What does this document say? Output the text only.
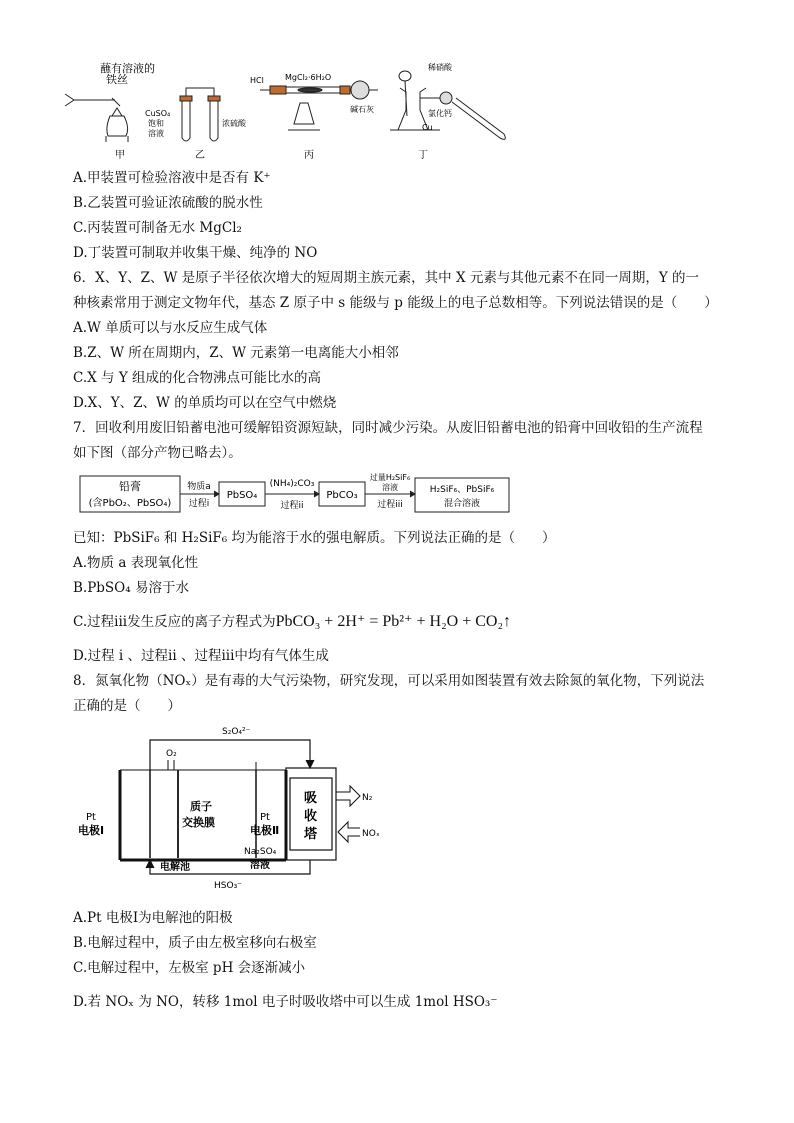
蘸有溶液的
铁丝
甲
CuSO₄
饱和
溶液
浓硫酸
乙
HCl	MgCl₂·6H₂O
碱石灰
丙
稀硝酸
氯化钙
Cu
丁
A.甲装置可检验溶液中是否有 K⁺
B.乙装置可验证浓硫酸的脱水性
C.丙装置可制备无水 MgCl₂
D.丁装置可制取并收集干燥、纯净的 NO
6．X、Y、Z、W 是原子半径依次增大的短周期主族元素，其中 X 元素与其他元素不在同一周期，Y 的一
种核素常用于测定文物年代，基态 Z 原子中 s 能级与 p 能级上的电子总数相等。下列说法错误的是（　　）
A.W 单质可以与水反应生成气体
B.Z、W 所在周期内，Z、W 元素第一电离能大小相邻
C.X 与 Y 组成的化合物沸点可能比水的高
D.X、Y、Z、W 的单质均可以在空气中燃烧
7．回收利用废旧铅蓄电池可缓解铅资源短缺，同时减少污染。从废旧铅蓄电池的铅膏中回收铅的生产流程
如下图（部分产物已略去）。
铅膏
(含PbO₂、PbSO₄)
物质a
过程i
PbSO₄
(NH₄)₂CO₃
过程ii
PbCO₃
过量H₂SiF₆
溶液
过程iii
H₂SiF₆、PbSiF₆
混合溶液
已知：PbSiF₆ 和 H₂SiF₆ 均为能溶于水的强电解质。下列说法正确的是（　　）
A.物质 a 表现氧化性
B.PbSO₄ 易溶于水
C.过程iii发生反应的离子方程式为PbCO₃ + 2H⁺ = Pb²⁺ + H₂O + CO₂↑
D.过程 i 、过程ii 、过程iii中均有气体生成
8．氮氧化物（NOₓ）是有毒的大气污染物，研究发现，可以采用如图装置有效去除氮的氧化物，下列说法
正确的是（　　）
S₂O₄²⁻
O₂
Pt
电极Ⅰ
质子
交换膜	Pt
电极Ⅱ
Na₂SO₄
溶液
电解池
HSO₃⁻
吸
收
塔
N₂
NOₓ
A.Pt 电极Ⅰ为电解池的阳极
B.电解过程中，质子由左极室移向右极室
C.电解过程中，左极室 pH 会逐渐减小
D.若 NOₓ 为 NO，转移 1mol 电子时吸收塔中可以生成 1mol HSO₃⁻
